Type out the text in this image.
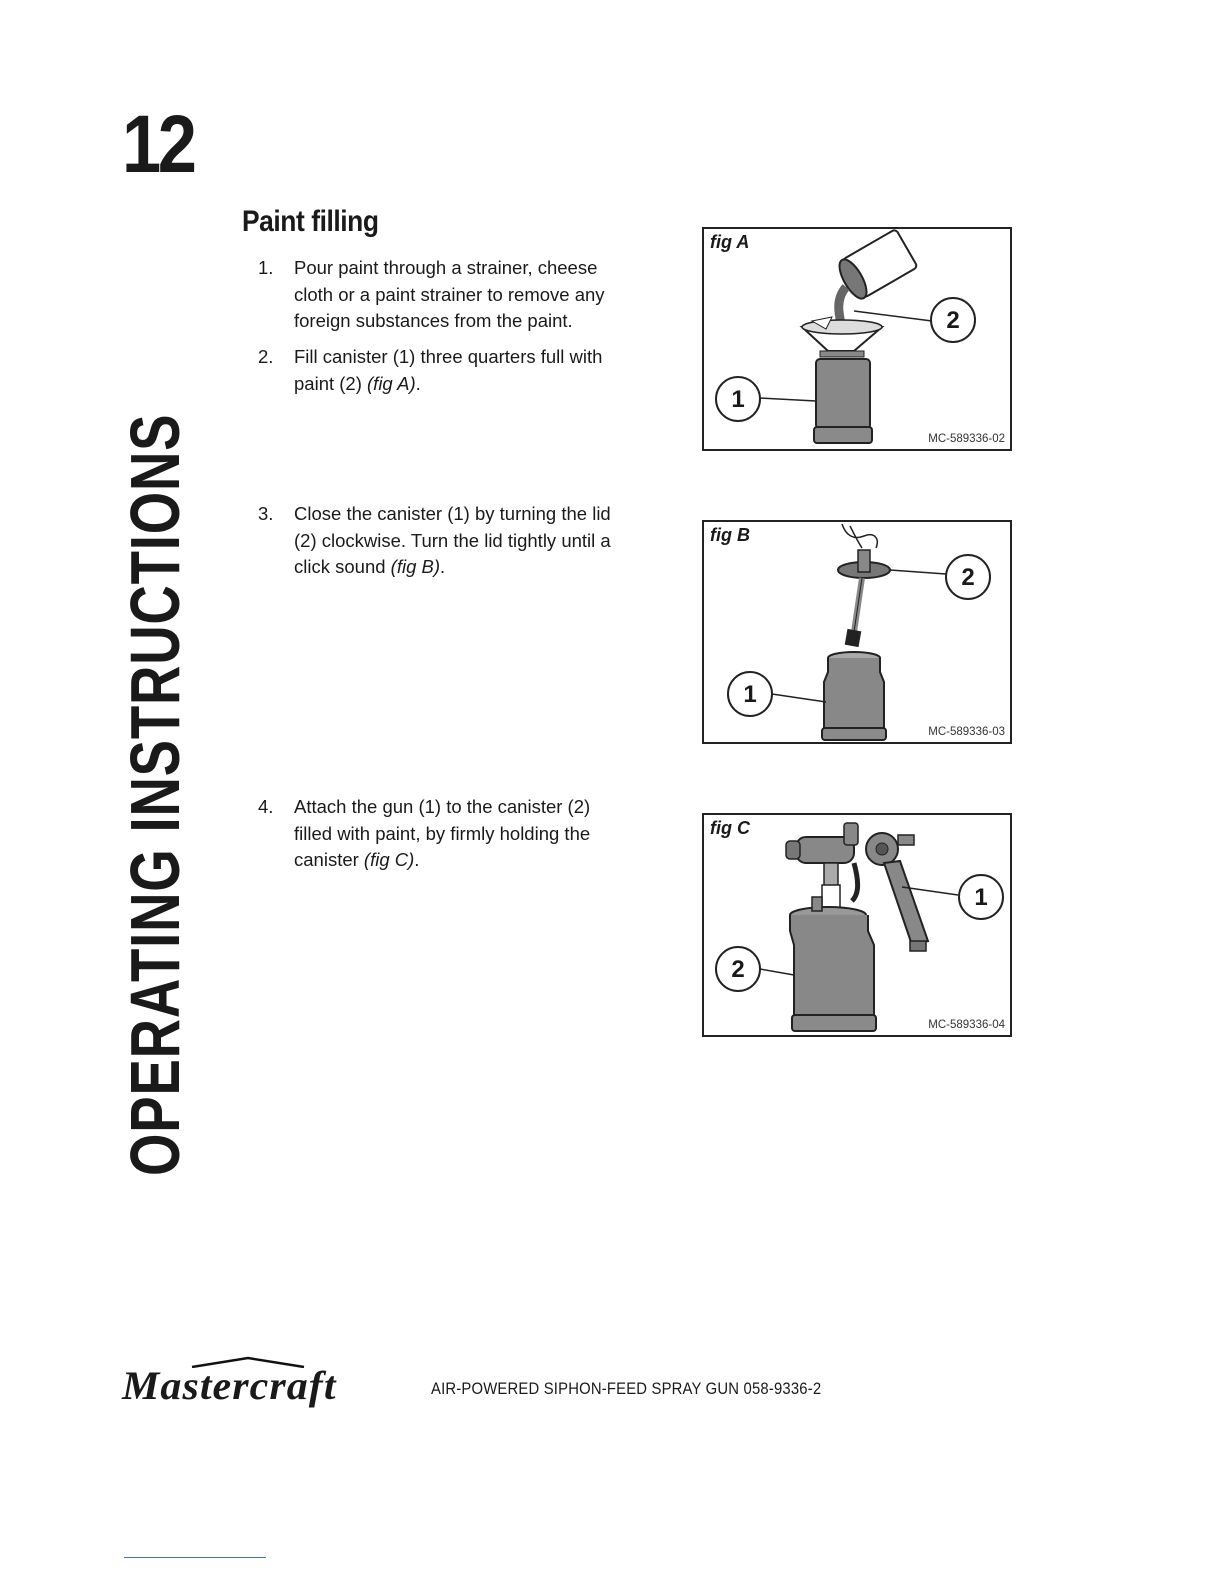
12
OPERATING INSTRUCTIONS
Paint filling
1. Pour paint through a strainer, cheese cloth or a paint strainer to remove any foreign substances from the paint.
2. Fill canister (1) three quarters full with paint (2) (fig A).
3. Close the canister (1) by turning the lid (2) clockwise. Turn the lid tightly until a click sound (fig B).
4. Attach the gun (1) to the canister (2) filled with paint, by firmly holding the canister (fig C).
fig A
1
2
MC-589336-02
fig B
1
2
MC-589336-03
fig C
2
1
MC-589336-04
Mastercraft	AIR-POWERED SIPHON-FEED SPRAY GUN 058-9336-2
